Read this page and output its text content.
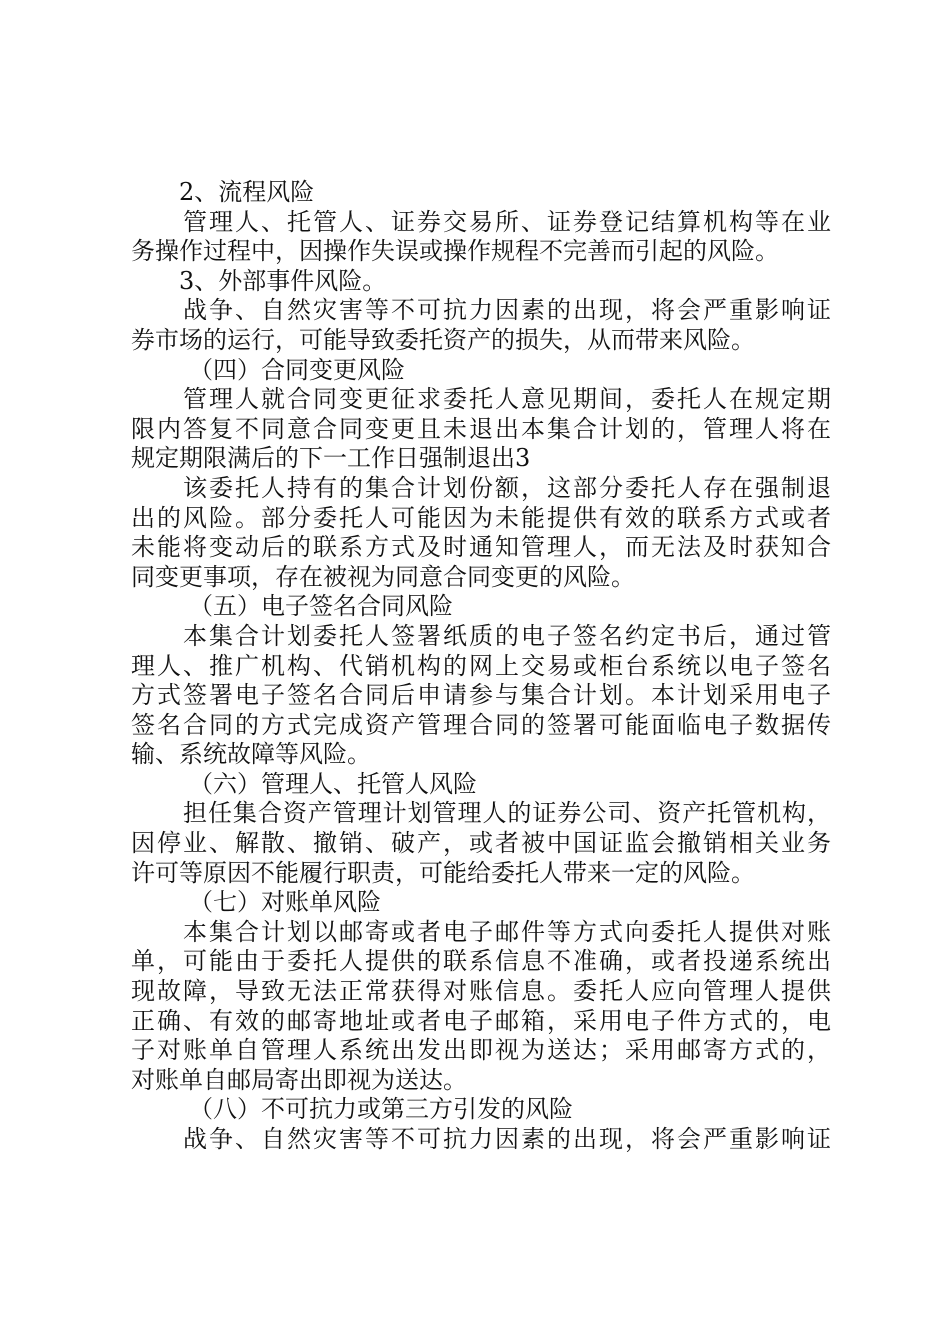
2、流程风险
管理人、托管人、证券交易所、证券登记结算机构等在业
务操作过程中，因操作失误或操作规程不完善而引起的风险。
3、外部事件风险。
战争、自然灾害等不可抗力因素的出现，将会严重影响证
券市场的运行，可能导致委托资产的损失，从而带来风险。
（四）合同变更风险
管理人就合同变更征求委托人意见期间，委托人在规定期
限内答复不同意合同变更且未退出本集合计划的，管理人将在
规定期限满后的下一工作日强制退出3
该委托人持有的集合计划份额，这部分委托人存在强制退
出的风险。部分委托人可能因为未能提供有效的联系方式或者
未能将变动后的联系方式及时通知管理人，而无法及时获知合
同变更事项，存在被视为同意合同变更的风险。
（五）电子签名合同风险
本集合计划委托人签署纸质的电子签名约定书后，通过管
理人、推广机构、代销机构的网上交易或柜台系统以电子签名
方式签署电子签名合同后申请参与集合计划。本计划采用电子
签名合同的方式完成资产管理合同的签署可能面临电子数据传
输、系统故障等风险。
（六）管理人、托管人风险
担任集合资产管理计划管理人的证券公司、资产托管机构，
因停业、解散、撤销、破产，或者被中国证监会撤销相关业务
许可等原因不能履行职责，可能给委托人带来一定的风险。
（七）对账单风险
本集合计划以邮寄或者电子邮件等方式向委托人提供对账
单，可能由于委托人提供的联系信息不准确，或者投递系统出
现故障，导致无法正常获得对账信息。委托人应向管理人提供
正确、有效的邮寄地址或者电子邮箱，采用电子件方式的，电
子对账单自管理人系统出发出即视为送达；采用邮寄方式的，
对账单自邮局寄出即视为送达。
（八）不可抗力或第三方引发的风险
战争、自然灾害等不可抗力因素的出现，将会严重影响证
